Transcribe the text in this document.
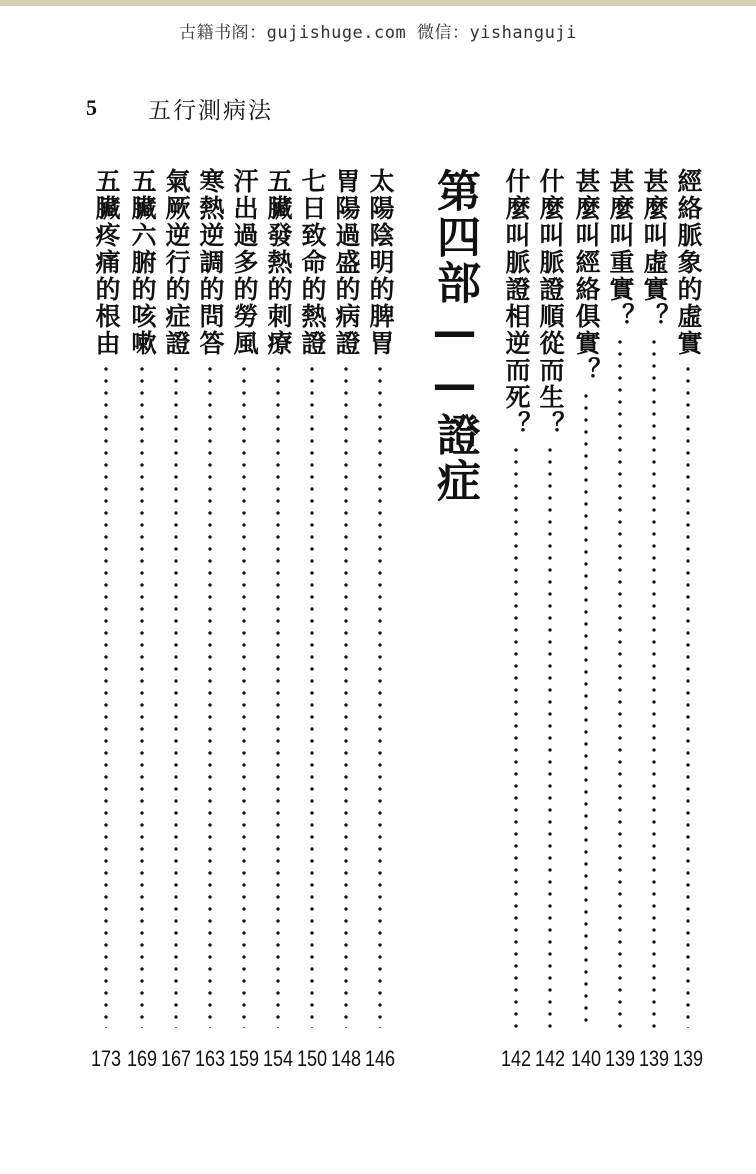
古籍书阁：gujishuge.com 微信：yishanguji
5 五行測病法
經絡脈象的虛實
139
甚麼叫虛實？
139
甚麼叫重實？
139
甚麼叫經絡俱實？
140
什麼叫脈證順從而生？
142
什麼叫脈證相逆而死？
142
第四部——證症
太陽陰明的脾胃
146
胃陽過盛的病證
148
七日致命的熱證
150
五臟發熱的刺療
154
汗出過多的勞風
159
寒熱逆調的問答
163
氣厥逆行的症證
167
五臟六腑的咳嗽
169
五臟疼痛的根由
173
